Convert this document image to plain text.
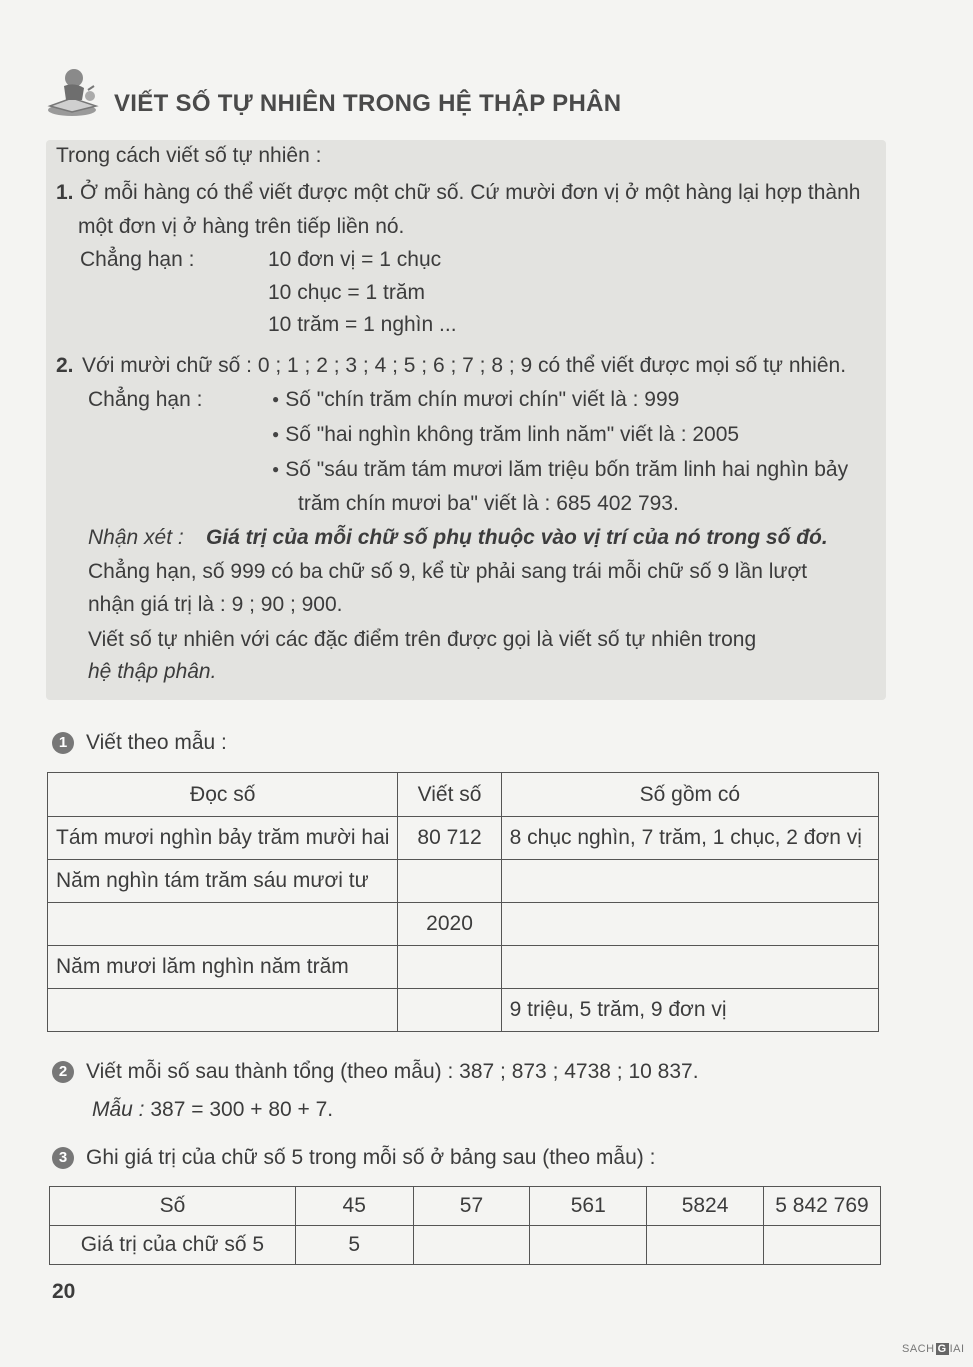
VIẾT SỐ TỰ NHIÊN TRONG HỆ THẬP PHÂN
Trong cách viết số tự nhiên :
1. Ở mỗi hàng có thể viết được một chữ số. Cứ mười đơn vị ở một hàng lại hợp thành
một đơn vị ở hàng trên tiếp liền nó.
Chẳng hạn :	10 đơn vị = 1 chục
10 chục = 1 trăm
10 trăm = 1 nghìn ...
2. Với mười chữ số : 0 ; 1 ; 2 ; 3 ; 4 ; 5 ; 6 ; 7 ; 8 ; 9 có thể viết được mọi số tự nhiên.
Chẳng hạn :	● Số "chín trăm chín mươi chín" viết là : 999
● Số "hai nghìn không trăm linh năm" viết là : 2005
● Số "sáu trăm tám mươi lăm triệu bốn trăm linh hai nghìn bảy
trăm chín mươi ba" viết là : 685 402 793.
Nhận xét : Giá trị của mỗi chữ số phụ thuộc vào vị trí của nó trong số đó.
Chẳng hạn, số 999 có ba chữ số 9, kể từ phải sang trái mỗi chữ số 9 lần lượt
nhận giá trị là : 9 ; 90 ; 900.
Viết số tự nhiên với các đặc điểm trên được gọi là viết số tự nhiên trong
hệ thập phân.
1 Viết theo mẫu :
Đọc số	Viết số	Số gồm có
Tám mươi nghìn bảy trăm mười hai	80 712	8 chục nghìn, 7 trăm, 1 chục, 2 đơn vị
Năm nghìn tám trăm sáu mươi tư		
	2020	
Năm mươi lăm nghìn năm trăm		
		9 triệu, 5 trăm, 9 đơn vị
2 Viết mỗi số sau thành tổng (theo mẫu) : 387 ; 873 ; 4738 ; 10 837.
Mẫu : 387 = 300 + 80 + 7.
3 Ghi giá trị của chữ số 5 trong mỗi số ở bảng sau (theo mẫu) :
Số	45	57	561	5824	5 842 769
Giá trị của chữ số 5	5				
20
SACH G IAI
